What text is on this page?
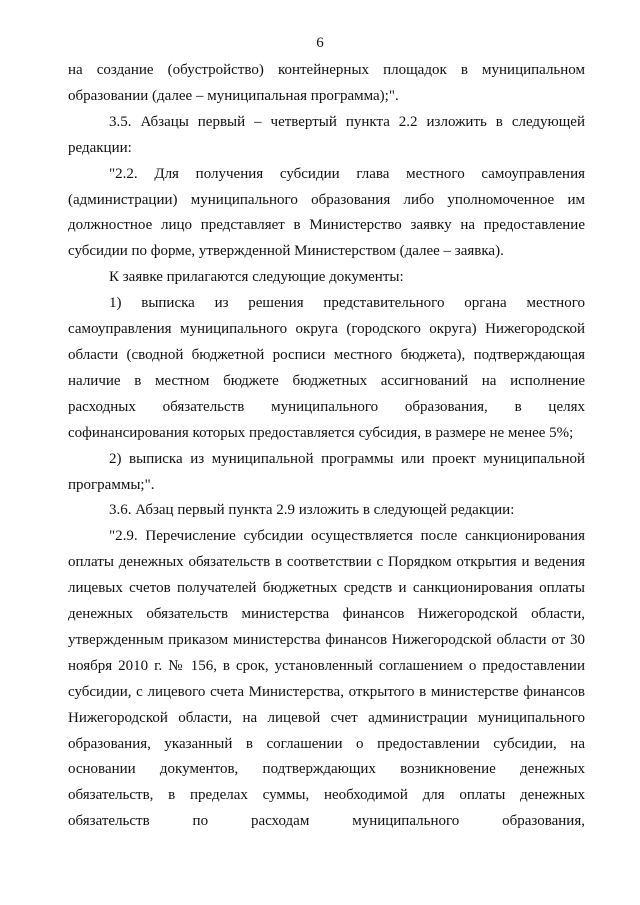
6

на создание (обустройство) контейнерных площадок в муниципальном образовании (далее – муниципальная программа);".

3.5. Абзацы первый – четвертый пункта 2.2 изложить в следующей редакции:

"2.2. Для получения субсидии глава местного самоуправления (администрации) муниципального образования либо уполномоченное им должностное лицо представляет в Министерство заявку на предоставление субсидии по форме, утвержденной Министерством (далее – заявка).

К заявке прилагаются следующие документы:

1) выписка из решения представительного органа местного самоуправления муниципального округа (городского округа) Нижегородской области (сводной бюджетной росписи местного бюджета), подтверждающая наличие в местном бюджете бюджетных ассигнований на исполнение расходных обязательств муниципального образования, в целях софинансирования которых предоставляется субсидия, в размере не менее 5%;

2) выписка из муниципальной программы или проект муниципальной программы;".

3.6. Абзац первый пункта 2.9 изложить в следующей редакции:

"2.9. Перечисление субсидии осуществляется после санкционирования оплаты денежных обязательств в соответствии с Порядком открытия и ведения лицевых счетов получателей бюджетных средств и санкционирования оплаты денежных обязательств министерства финансов Нижегородской области, утвержденным приказом министерства финансов Нижегородской области от 30 ноября 2010 г. № 156, в срок, установленный соглашением о предоставлении субсидии, с лицевого счета Министерства, открытого в министерстве финансов Нижегородской области, на лицевой счет администрации муниципального образования, указанный в соглашении о предоставлении субсидии, на основании документов, подтверждающих возникновение денежных обязательств, в пределах суммы, необходимой для оплаты денежных обязательств по расходам муниципального образования,
